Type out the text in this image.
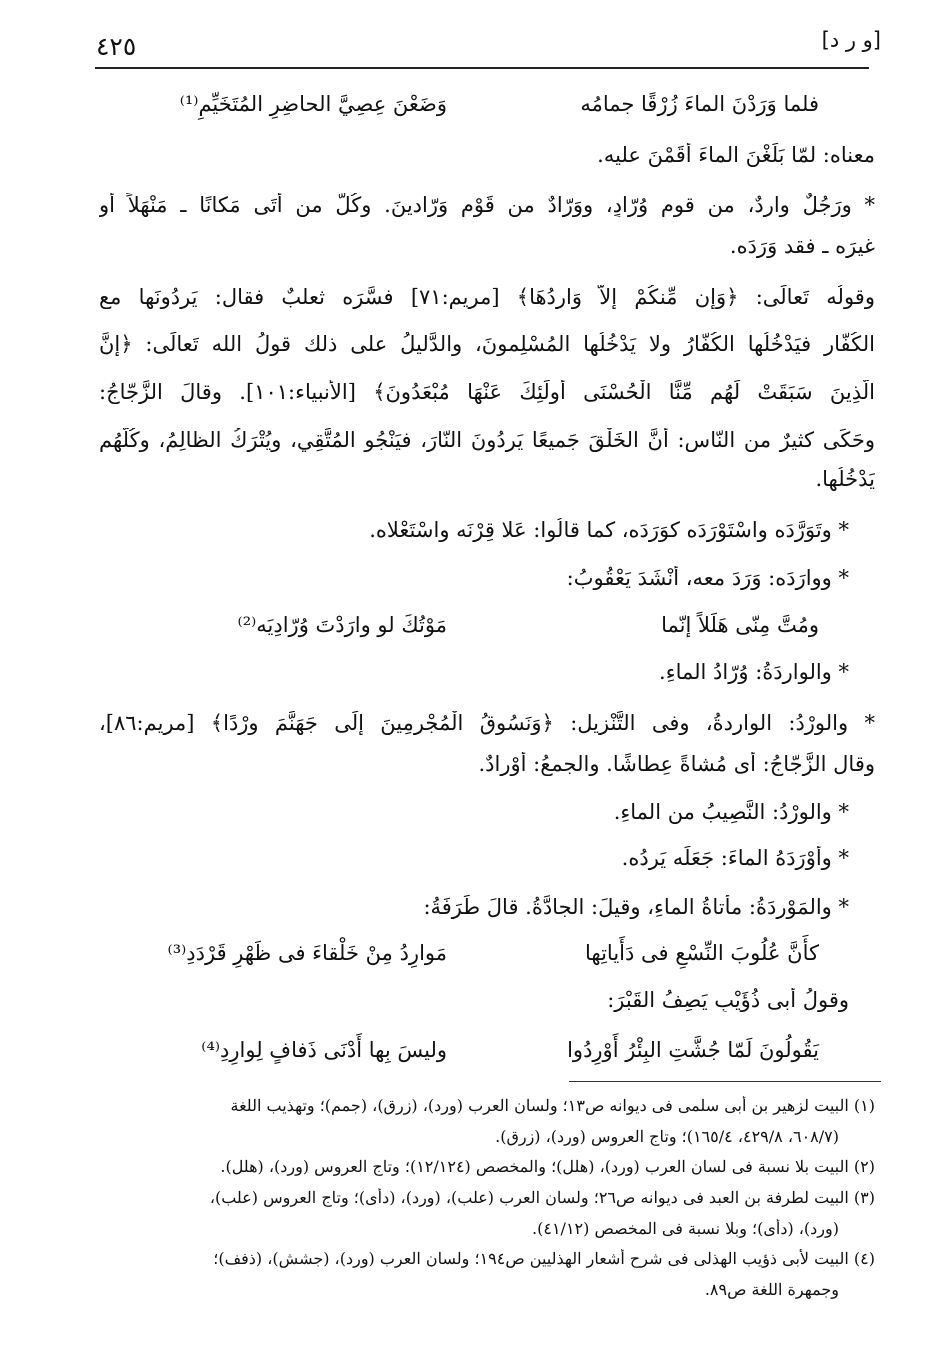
[و ر د]
٤٢٥
فلما وَرَدْنَ الماءَ زُرْقًا جمامُه
وَضَعْنَ عِصِيَّ الحاضِرِ المُتَخَيِّمِ⁽¹⁾
معناه: لمّا بَلَغْنَ الماءَ أَقَمْنَ عليه.
* ورَجُلٌ وارِدٌ، من قومٍ وُرّادٍ، ووَرّادٌ من قَوْمٍ وَرّادينَ. وكُلُّ من أَتَى مَكانًا ـ مَنْهَلاً أو
غيرَه ـ فقد وَرَدَه.
وقولُه تَعالَى: ﴿وَإِن مِّنكُمْ إِلاَّ وَارِدُهَا﴾ [مريم:٧١] فسَّرَه ثعلبٌ فقال: يَرِدُونَها مع
الكُفّارِ فيَدْخُلُها الكُفّارُ ولا يَدْخُلُها المُسْلِمونَ، والدَّليلُ على ذلك قولُ الله تَعالَى: ﴿إِنَّ
الَّذِينَ سَبَقَتْ لَهُم مِّنَّا الْحُسْنَى أُولَئِكَ عَنْهَا مُبْعَدُونَ﴾ [الأنبياء:١٠١]. وقالَ الزَّجّاجُ:
وحَكَى كثيرٌ من النّاسِ: أَنَّ الخَلْقَ جَميعًا يَرِدُونَ النّارَ، فيَنْجُو المُتَّقِي، ويُتْرَكُ الظالِمُ، وكُلُّهُم
يَدْخُلُها.
* وتَوَرَّدَه واسْتَوْرَدَه كوَرَدَه، كما قالُوا: عَلا قِرْنَه واسْتَعْلاه.
* ووارَدَه: وَرَدَ معه، أَنْشَدَ يَعْقُوبُ:
ومُتَّ مِنّى هَلَلاً إنّما
مَوْتُكَ لو وارَدْتَ وُرّادِيَه⁽²⁾
* والوارِدَةُ: وُرّادُ الماءِ.
* والوِرْدُ: الوارِدةُ، وفى التَّنْزِيلِ: ﴿وَنَسُوقُ الْمُجْرِمِينَ إِلَى جَهَنَّمَ وِرْدًا﴾ [مريم:٨٦]،
وقال الزَّجّاجُ: أى مُشاةً عِطاشًا. والجمعُ: أَوْرادٌ.
* والوِرْدُ: النَّصِيبُ من الماءِ.
* وأَوْرَدَهُ الماءَ: جَعَلَه يَرِدُه.
* والمَوْرِدَةُ: مأْتاةُ الماءِ، وقيلَ: الجادَّةُ. قالَ طَرَفَةُ:
كأَنَّ عُلُوبَ النِّسْعِ فى دَأَياتِها
مَوارِدُ مِنْ خَلْقاءَ فى ظَهْرِ قَرْدَدِ⁽³⁾
وقولُ أَبى ذُؤَيْبٍ يَصِفُ القَبْرَ:
يَقُولُونَ لَمّا جُشَّتِ البِئْرُ أَوْرِدُوا
وليسَ بِها أَدْنَى ذَفافٍ لِوارِدِ⁽⁴⁾
(١) البيت لزهير بن أبى سلمى فى ديوانه ص١٣؛ ولسان العرب (ورد)، (زرق)، (جمم)؛ وتهذيب اللغة
(٦٠٨/٧، ٤٢٩/٨، ١٦٥/٤)؛ وتاج العروس (ورد)، (زرق).
(٢) البيت بلا نسبة فى لسان العرب (ورد)، (هلل)؛ والمخصص (١٢/١٢٤)؛ وتاج العروس (ورد)، (هلل).
(٣) البيت لطرفة بن العبد فى ديوانه ص٢٦؛ ولسان العرب (علب)، (ورد)، (دأى)؛ وتاج العروس (علب)،
(ورد)، (دأى)؛ وبلا نسبة فى المخصص (٤١/١٢).
(٤) البيت لأبى ذؤيب الهذلى فى شرح أشعار الهذليين ص١٩٤؛ ولسان العرب (ورد)، (جشش)، (ذفف)؛
وجمهرة اللغة ص٨٩.
